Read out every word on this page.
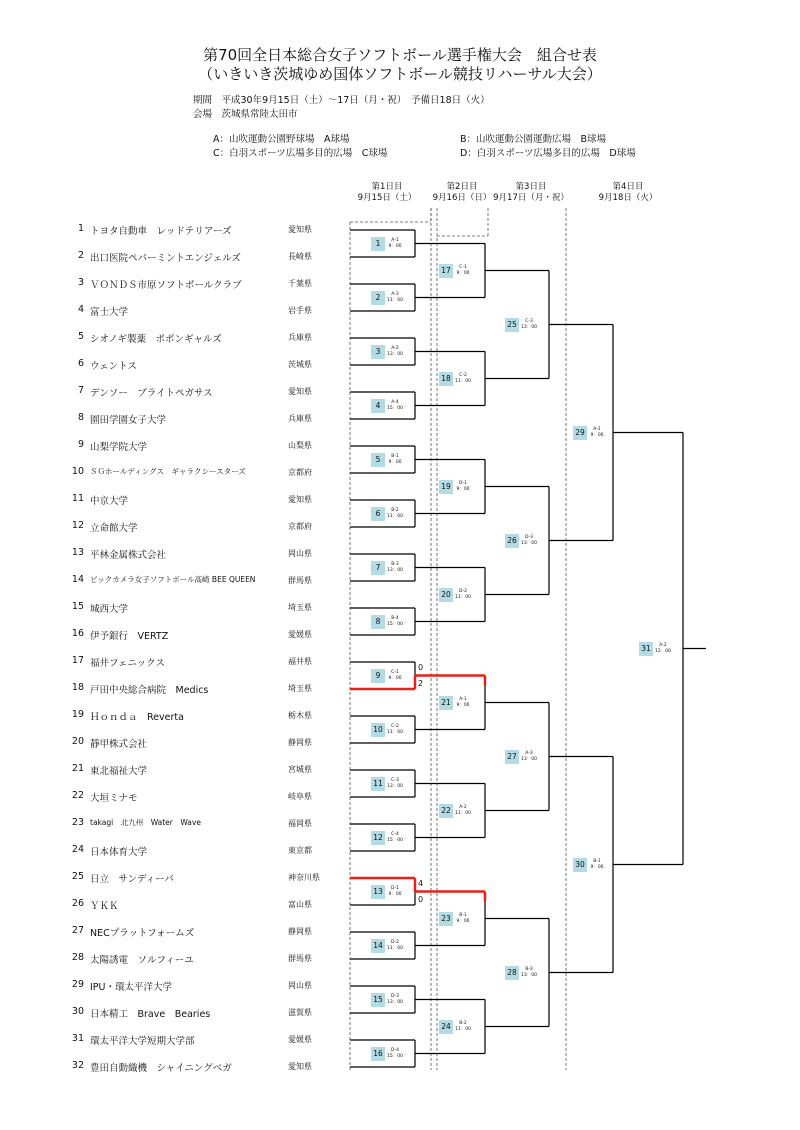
第70回全日本総合女子ソフトボール選手権大会　組合せ表
（いきいき茨城ゆめ国体ソフトボール競技リハーサル大会）
期間　平成30年9月15日（土）～17日（月・祝）　予備日18日（火）
会場　茨城県常陸太田市
A：山吹運動公園野球場　A球場	B：山吹運動公園運動広場　B球場
C：白羽スポーツ広場多目的広場　C球場	D：白羽スポーツ広場多目的広場　D球場
第1日目
9月15日（土）
第2日目
9月16日（日）
第3日目
9月17日（月・祝）
第4日目
9月18日（火）
1 トヨタ自動車　レッドテリアーズ	愛知県
2 出口医院ペパーミントエンジェルズ	長崎県
3 ＶＯＮＤＳ市原ソフトボールクラブ	千葉県
4 富士大学	岩手県
5 シオノギ製薬　ポポンギャルズ	兵庫県
6 ウェントス	茨城県
7 デンソー　ブライトペガサス	愛知県
8 園田学園女子大学	兵庫県
9 山梨学院大学	山梨県
10 ＳＧホールディングス　ギャラクシースターズ	京都府
11 中京大学	愛知県
12 立命館大学	京都府
13 平林金属株式会社	岡山県
14 ビックカメラ女子ソフトボール高崎 BEE QUEEN	群馬県
15 城西大学	埼玉県
16 伊予銀行　VERTZ	愛媛県
17 福井フェニックス	福井県
18 戸田中央総合病院　Medics	埼玉県
19 Ｈｏｎｄａ　Reverta	栃木県
20 靜甲株式会社	静岡県
21 東北福祉大学	宮城県
22 大垣ミナモ	岐阜県
23 takagi　北九州　Water　Wave	福岡県
24 日本体育大学	東京都
25 日立　サンディーバ	神奈川県
26 ＹＫＫ	富山県
27 NECプラットフォームズ	静岡県
28 太陽誘電　ソルフィーユ	群馬県
29 IPU・環太平洋大学	岡山県
30 日本精工　Brave　Bearies	滋賀県
31 環太平洋大学短期大学部	愛媛県
32 豊田自動織機　シャイニングベガ	愛知県
1	A-1
9：00
2	A-3
11：00
3	A-2
13：00
4	A-4
15：00
5	B-1
9：00
6	B-2
11：00
7	B-3
13：00
8	B-4
15：00
9	C-1
9：00
10	C-2
11：00
11	C-3
13：00
12	C-4
15：00
13	D-1
9：00
14	D-2
11：00
15	D-3
13：00
16	D-4
15：00
17	C-1
9：00
18	C-2
11：00
19	D-1
9：00
20	D-2
11：00
21	A-1
9：00
22	A-2
11：00
23	B-1
9：00
24	B-2
11：00
25	C-3
13：00
26	D-3
13：00
27	A-3
13：00
28	B-3
13：00
29	A-1
9：00
30	B-1
9：00
31	A-2
12：00
0
2
4
0
